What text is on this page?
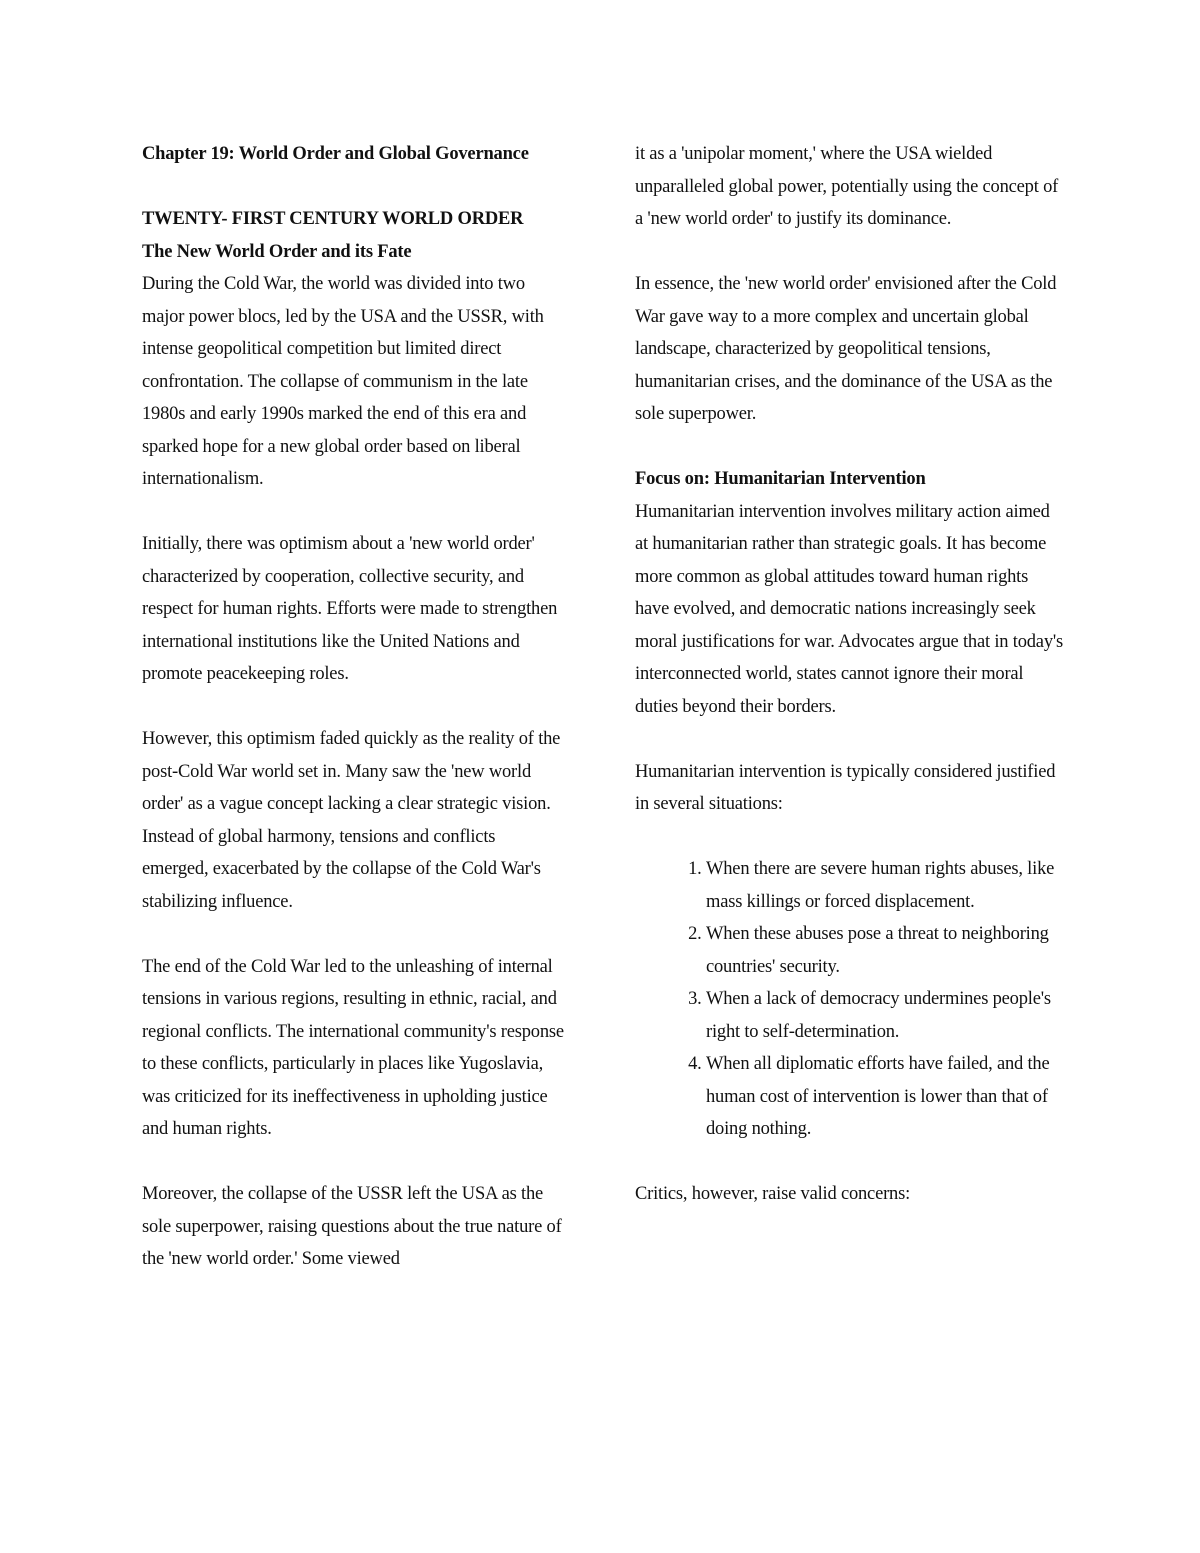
Chapter 19: World Order and Global Governance

TWENTY- FIRST CENTURY WORLD ORDER

The New World Order and its Fate

During the Cold War, the world was divided into two major power blocs, led by the USA and the USSR, with intense geopolitical competition but limited direct confrontation. The collapse of communism in the late 1980s and early 1990s marked the end of this era and sparked hope for a new global order based on liberal internationalism.

Initially, there was optimism about a 'new world order' characterized by cooperation, collective security, and respect for human rights. Efforts were made to strengthen international institutions like the United Nations and promote peacekeeping roles.

However, this optimism faded quickly as the reality of the post-Cold War world set in. Many saw the 'new world order' as a vague concept lacking a clear strategic vision. Instead of global harmony, tensions and conflicts emerged, exacerbated by the collapse of the Cold War's stabilizing influence.

The end of the Cold War led to the unleashing of internal tensions in various regions, resulting in ethnic, racial, and regional conflicts. The international community's response to these conflicts, particularly in places like Yugoslavia, was criticized for its ineffectiveness in upholding justice and human rights.

Moreover, the collapse of the USSR left the USA as the sole superpower, raising questions about the true nature of the 'new world order.' Some viewed

it as a 'unipolar moment,' where the USA wielded unparalleled global power, potentially using the concept of a 'new world order' to justify its dominance.

In essence, the 'new world order' envisioned after the Cold War gave way to a more complex and uncertain global landscape, characterized by geopolitical tensions, humanitarian crises, and the dominance of the USA as the sole superpower.

Focus on: Humanitarian Intervention

Humanitarian intervention involves military action aimed at humanitarian rather than strategic goals. It has become more common as global attitudes toward human rights have evolved, and democratic nations increasingly seek moral justifications for war. Advocates argue that in today's interconnected world, states cannot ignore their moral duties beyond their borders.

Humanitarian intervention is typically considered justified in several situations:

1. When there are severe human rights abuses, like mass killings or forced displacement.
2. When these abuses pose a threat to neighboring countries' security.
3. When a lack of democracy undermines people's right to self-determination.
4. When all diplomatic efforts have failed, and the human cost of intervention is lower than that of doing nothing.

Critics, however, raise valid concerns:
